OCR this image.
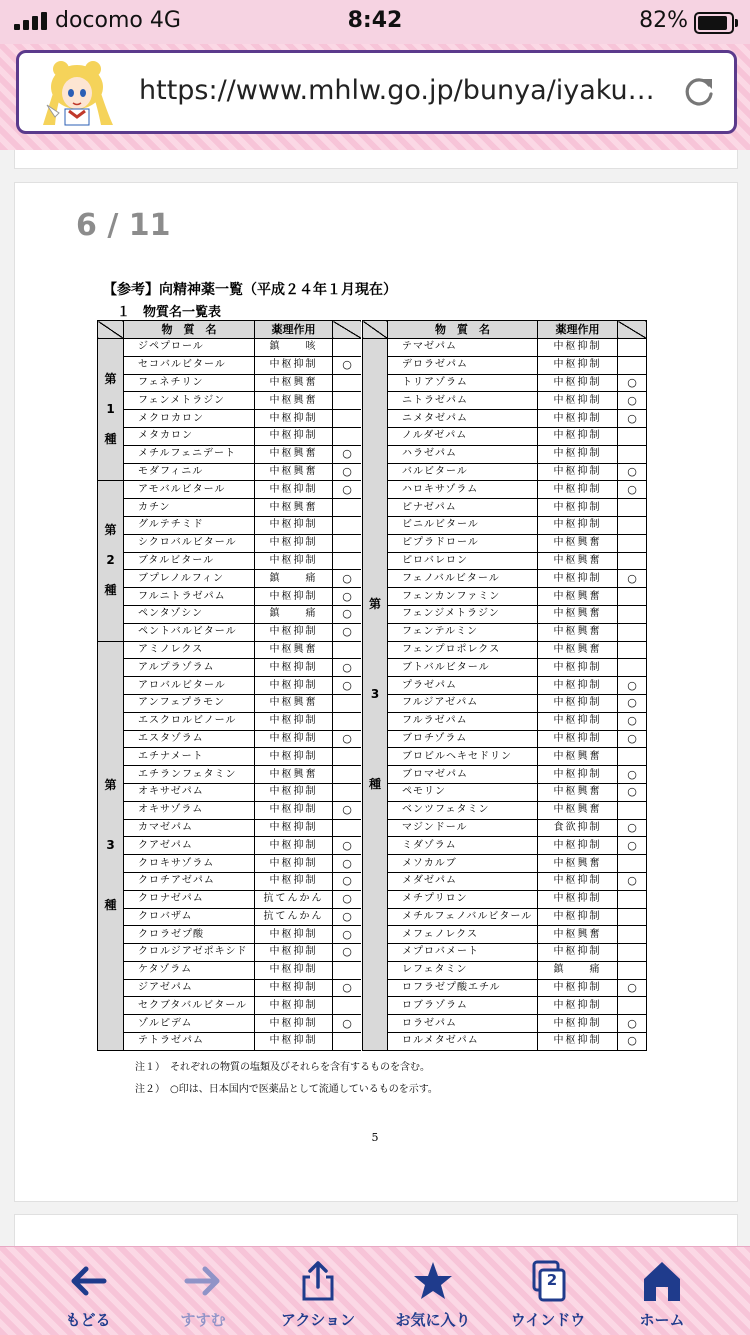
docomo 4G	8:42	82%
https://www.mhlw.go.jp/bunya/iyaku…
6 / 11
【参考】向精神薬一覧（平成２４年１月現在）
１　物質名一覧表
	物　質　名	薬理作用	
第

1

種	ジペプロール	鎮　　咳	
	セコバルビタール	中枢抑制	○
	フェネチリン	中枢興奮	
	フェンメトラジン	中枢興奮	
	メクロカロン	中枢抑制	
	メタカロン	中枢抑制	
	メチルフェニデート	中枢興奮	○
	モダフィニル	中枢興奮	○
第

2

種	アモバルビタール	中枢抑制	○
	カチン	中枢興奮	
	グルテチミド	中枢抑制	
	シクロバルビタール	中枢抑制	
	ブタルビタール	中枢抑制	
	ブプレノルフィン	鎮　　痛	○
	フルニトラゼパム	中枢抑制	○
	ペンタゾシン	鎮　　痛	○
	ペントバルビタール	中枢抑制	○
第

3

種	アミノレクス	中枢興奮	
	アルプラゾラム	中枢抑制	○
	アロバルビタール	中枢抑制	○
	アンフェプラモン	中枢興奮	
	エスクロルビノール	中枢抑制	
	エスタゾラム	中枢抑制	○
	エチナメート	中枢抑制	
	エチランフェタミン	中枢興奮	
	オキサゼパム	中枢抑制	
	オキサゾラム	中枢抑制	○
	カマゼパム	中枢抑制	
	クアゼパム	中枢抑制	○
	クロキサゾラム	中枢抑制	○
	クロチアゼパム	中枢抑制	○
	クロナゼパム	抗てんかん	○
	クロバザム	抗てんかん	○
	クロラゼプ酸	中枢抑制	○
	クロルジアゼポキシド	中枢抑制	○
	ケタゾラム	中枢抑制	
	ジアゼパム	中枢抑制	○
	セクブタバルビタール	中枢抑制	
	ゾルピデム	中枢抑制	○
	テトラゼパム	中枢抑制	
	物　質　名	薬理作用	
第

3

種	テマゼパム	中枢抑制	
	デロラゼパム	中枢抑制	
	トリアゾラム	中枢抑制	○
	ニトラゼパム	中枢抑制	○
	ニメタゼパム	中枢抑制	○
	ノルダゼパム	中枢抑制	
	ハラゼパム	中枢抑制	
	バルビタール	中枢抑制	○
	ハロキサゾラム	中枢抑制	○
	ピナゼパム	中枢抑制	
	ビニルビタール	中枢抑制	
	ピプラドロール	中枢興奮	
	ピロバレロン	中枢興奮	
	フェノバルビタール	中枢抑制	○
	フェンカンファミン	中枢興奮	
	フェンジメトラジン	中枢興奮	
	フェンテルミン	中枢興奮	
	フェンプロポレクス	中枢興奮	
	ブトバルビタール	中枢抑制	
	プラゼパム	中枢抑制	○
	フルジアゼパム	中枢抑制	○
	フルラゼパム	中枢抑制	○
	ブロチゾラム	中枢抑制	○
	ブロビルヘキセドリン	中枢興奮	
	ブロマゼパム	中枢抑制	○
	ペモリン	中枢興奮	○
	ベンツフェタミン	中枢興奮	
	マジンドール	食欲抑制	○
	ミダゾラム	中枢抑制	○
	メソカルブ	中枢興奮	
	メダゼパム	中枢抑制	○
	メチプリロン	中枢抑制	
	メチルフェノバルビタール	中枢抑制	
	メフェノレクス	中枢興奮	
	メプロバメート	中枢抑制	
	レフェタミン	鎮　　痛	
	ロフラゼプ酸エチル	中枢抑制	○
	ロブラゾラム	中枢抑制	
	ロラゼパム	中枢抑制	○
	ロルメタゼパム	中枢抑制	○
注１）　それぞれの物質の塩類及びそれらを含有するものを含む。
注２）　○印は、日本国内で医薬品として流通しているものを示す。
5
もどる	すすむ	アクション	お気に入り
2
ウインドウ	ホーム
